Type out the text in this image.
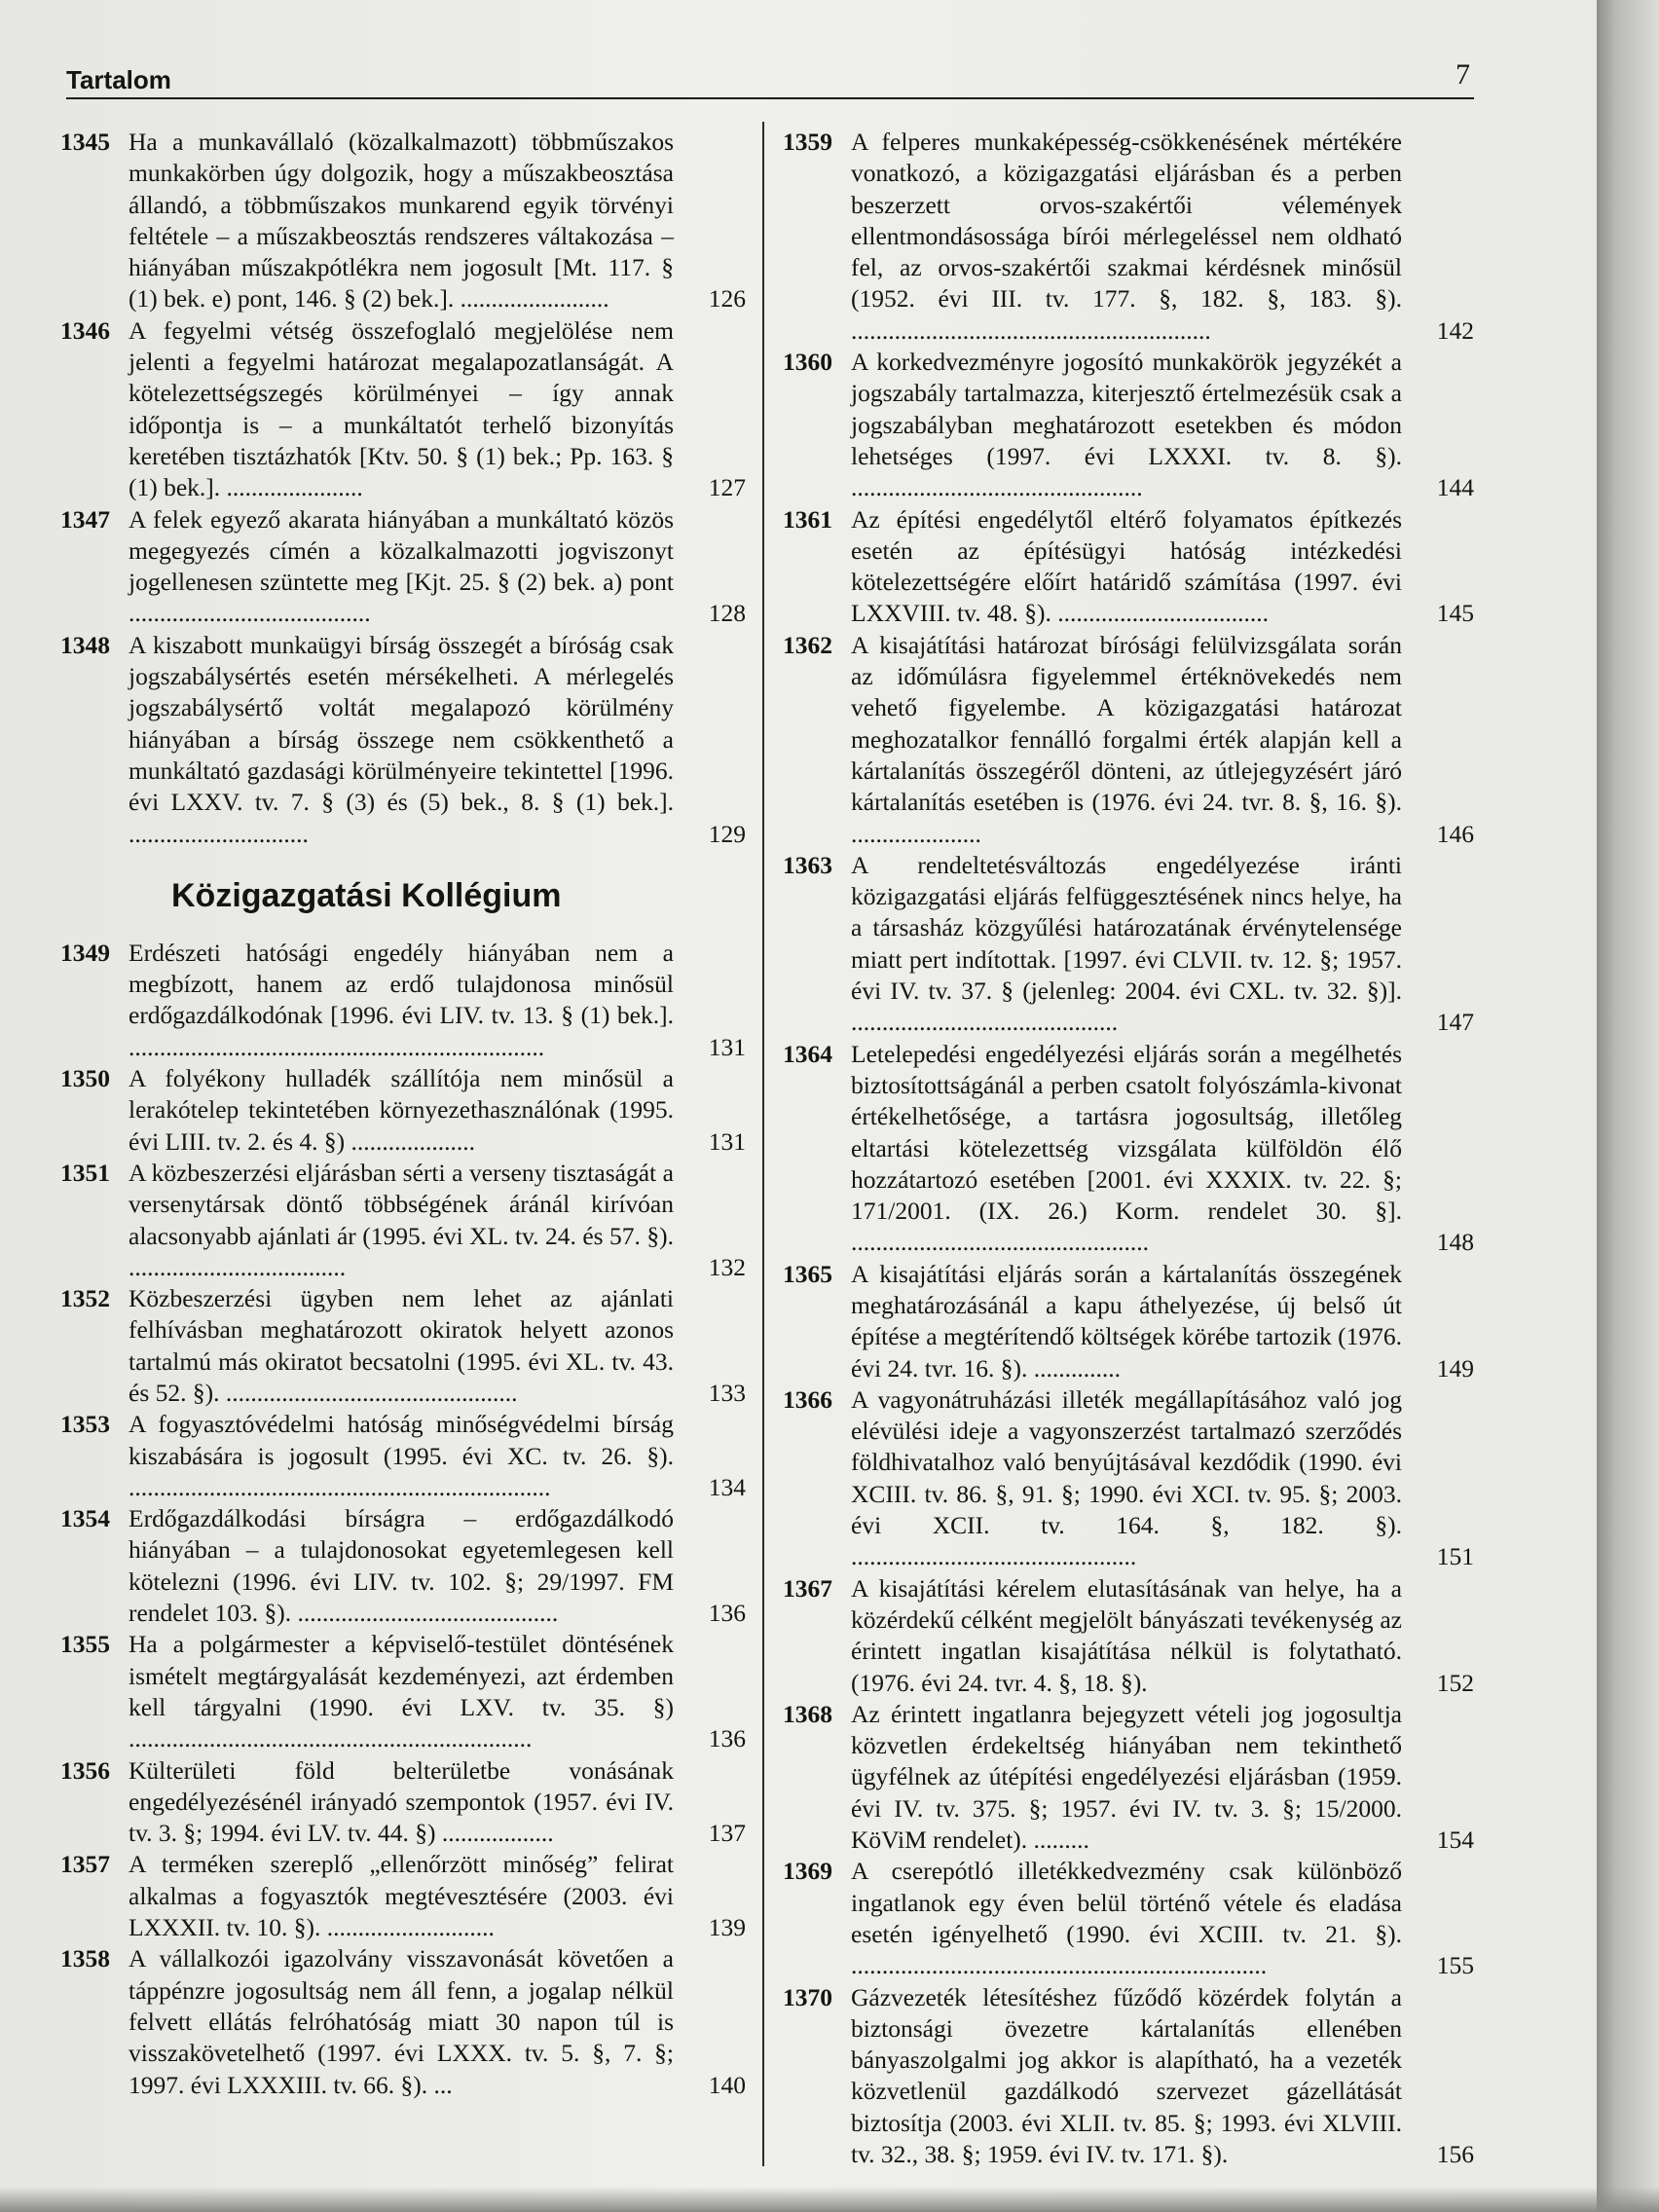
Tartalom	7
1345 Ha a munkavállaló (közalkalmazott) többműszakos munkakörben úgy dolgozik, hogy a műszakbeosztása állandó, a többműszakos munkarend egyik törvényi feltétele – a műszakbeosztás rendszeres váltakozása – hiányában műszakpótlékra nem jogosult [Mt. 117. § (1) bek. e) pont, 146. § (2) bek.]. ........................	126
1346 A fegyelmi vétség összefoglaló megjelölése nem jelenti a fegyelmi határozat megalapozatlanságát. A kötelezettségszegés körülményei – így annak időpontja is – a munkáltatót terhelő bizonyítás keretében tisztázhatók [Ktv. 50. § (1) bek.; Pp. 163. § (1) bek.]. ......................	127
1347 A felek egyező akarata hiányában a munkáltató közös megegyezés címén a közalkalmazotti jogviszonyt jogellenesen szüntette meg [Kjt. 25. § (2) bek. a) pont .......................................	128
1348 A kiszabott munkaügyi bírság összegét a bíróság csak jogszabálysértés esetén mérsékelheti. A mérlegelés jogszabálysértő voltát megalapozó körülmény hiányában a bírság összege nem csökkenthető a munkáltató gazdasági körülményeire tekintettel [1996. évi LXXV. tv. 7. § (3) és (5) bek., 8. § (1) bek.]. .............................	129
Közigazgatási Kollégium
1349 Erdészeti hatósági engedély hiányában nem a megbízott, hanem az erdő tulajdonosa minősül erdőgazdálkodónak [1996. évi LIV. tv. 13. § (1) bek.]. ...................................................................	131
1350 A folyékony hulladék szállítója nem minősül a lerakótelep tekintetében környezethasználónak (1995. évi LIII. tv. 2. és 4. §) ....................	131
1351 A közbeszerzési eljárásban sérti a verseny tisztaságát a versenytársak döntő többségének áránál kirívóan alacsonyabb ajánlati ár (1995. évi XL. tv. 24. és 57. §). ...................................	132
1352 Közbeszerzési ügyben nem lehet az ajánlati felhívásban meghatározott okiratok helyett azonos tartalmú más okiratot becsatolni (1995. évi XL. tv. 43. és 52. §). ...............................................	133
1353 A fogyasztóvédelmi hatóság minőségvédelmi bírság kiszabására is jogosult (1995. évi XC. tv. 26. §). ....................................................................	134
1354 Erdőgazdálkodási bírságra – erdőgazdálkodó hiányában – a tulajdonosokat egyetemlegesen kell kötelezni (1996. évi LIV. tv. 102. §; 29/1997. FM rendelet 103. §). ..........................................	136
1355 Ha a polgármester a képviselő-testület döntésének ismételt megtárgyalását kezdeményezi, azt érdemben kell tárgyalni (1990. évi LXV. tv. 35. §) .................................................................	136
1356 Külterületi föld belterületbe vonásának engedélyezésénél irányadó szempontok (1957. évi IV. tv. 3. §; 1994. évi LV. tv. 44. §) ..................	137
1357 A terméken szereplő „ellenőrzött minőség” felirat alkalmas a fogyasztók megtévesztésére (2003. évi LXXXII. tv. 10. §). ...........................	139
1358 A vállalkozói igazolvány visszavonását követően a táppénzre jogosultság nem áll fenn, a jogalap nélkül felvett ellátás felróhatóság miatt 30 napon túl is visszakövetelhető (1997. évi LXXX. tv. 5. §, 7. §; 1997. évi LXXXIII. tv. 66. §). ...	140
1359 A felperes munkaképesség-csökkenésének mértékére vonatkozó, a közigazgatási eljárásban és a perben beszerzett orvos-szakértői vélemények ellentmondásossága bírói mérlegeléssel nem oldható fel, az orvos-szakértői szakmai kérdésnek minősül (1952. évi III. tv. 177. §, 182. §, 183. §). ..........................................................	142
1360 A korkedvezményre jogosító munkakörök jegyzékét a jogszabály tartalmazza, kiterjesztő értelmezésük csak a jogszabályban meghatározott esetekben és módon lehetséges (1997. évi LXXXI. tv. 8. §). ...............................................	144
1361 Az építési engedélytől eltérő folyamatos építkezés esetén az építésügyi hatóság intézkedési kötelezettségére előírt határidő számítása (1997. évi LXXVIII. tv. 48. §). ..................................	145
1362 A kisajátítási határozat bírósági felülvizsgálata során az időmúlásra figyelemmel értéknövekedés nem vehető figyelembe. A közigazgatási határozat meghozatalkor fennálló forgalmi érték alapján kell a kártalanítás összegéről dönteni, az útlejegyzésért járó kártalanítás esetében is (1976. évi 24. tvr. 8. §, 16. §). .....................	146
1363 A rendeltetésváltozás engedélyezése iránti közigazgatási eljárás felfüggesztésének nincs helye, ha a társasház közgyűlési határozatának érvénytelensége miatt pert indítottak. [1997. évi CLVII. tv. 12. §; 1957. évi IV. tv. 37. § (jelenleg: 2004. évi CXL. tv. 32. §)]. ...........................................	147
1364 Letelepedési engedélyezési eljárás során a megélhetés biztosítottságánál a perben csatolt folyószámla-kivonat értékelhetősége, a tartásra jogosultság, illetőleg eltartási kötelezettség vizsgálata külföldön élő hozzátartozó esetében [2001. évi XXXIX. tv. 22. §; 171/2001. (IX. 26.) Korm. rendelet 30. §]. ................................................	148
1365 A kisajátítási eljárás során a kártalanítás összegének meghatározásánál a kapu áthelyezése, új belső út építése a megtérítendő költségek körébe tartozik (1976. évi 24. tvr. 16. §). ..............	149
1366 A vagyonátruházási illeték megállapításához való jog elévülési ideje a vagyonszerzést tartalmazó szerződés földhivatalhoz való benyújtásával kezdődik (1990. évi XCIII. tv. 86. §, 91. §; 1990. évi XCI. tv. 95. §; 2003. évi XCII. tv. 164. §, 182. §). ..............................................	151
1367 A kisajátítási kérelem elutasításának van helye, ha a közérdekű célként megjelölt bányászati tevékenység az érintett ingatlan kisajátítása nélkül is folytatható. (1976. évi 24. tvr. 4. §, 18. §).	152
1368 Az érintett ingatlanra bejegyzett vételi jog jogosultja közvetlen érdekeltség hiányában nem tekinthető ügyfélnek az útépítési engedélyezési eljárásban (1959. évi IV. tv. 375. §; 1957. évi IV. tv. 3. §; 15/2000. KöViM rendelet). .........	154
1369 A cserepótló illetékkedvezmény csak különböző ingatlanok egy éven belül történő vétele és eladása esetén igényelhető (1990. évi XCIII. tv. 21. §). ...................................................................	155
1370 Gázvezeték létesítéshez fűződő közérdek folytán a biztonsági övezetre kártalanítás ellenében bányaszolgalmi jog akkor is alapítható, ha a vezeték közvetlenül gazdálkodó szervezet gázellátását biztosítja (2003. évi XLII. tv. 85. §; 1993. évi XLVIII. tv. 32., 38. §; 1959. évi IV. tv. 171. §).	156
